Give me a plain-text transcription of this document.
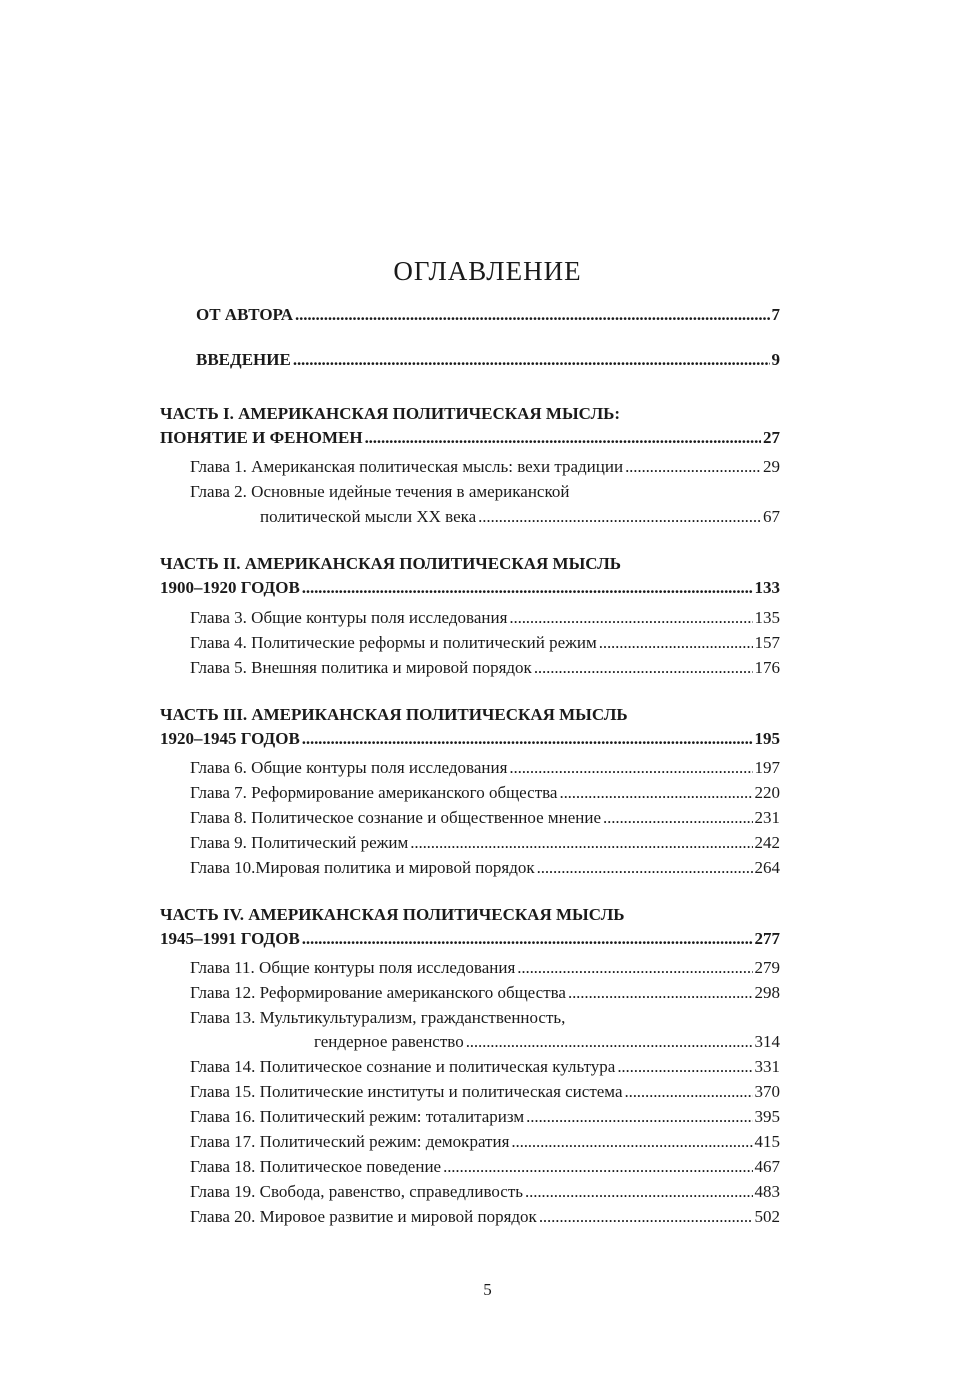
ОГЛАВЛЕНИЕ
ОТ АВТОРА . . .	7
ВВЕДЕНИЕ . . .	9
ЧАСТЬ I. АМЕРИКАНСКАЯ ПОЛИТИЧЕСКАЯ МЫСЛЬ:
ПОНЯТИЕ И ФЕНОМЕН . . .	27
Глава 1. Американская политическая мысль: вехи традиции . . .	29
Глава 2. Основные идейные течения в американской
политической мысли XX века . . .	67
ЧАСТЬ II. АМЕРИКАНСКАЯ ПОЛИТИЧЕСКАЯ МЫСЛЬ
1900–1920 ГОДОВ . . .	133
Глава 3. Общие контуры поля исследования . . .	135
Глава 4. Политические реформы и политический режим . . .	157
Глава 5. Внешняя политика и мировой порядок . . .	176
ЧАСТЬ III. АМЕРИКАНСКАЯ ПОЛИТИЧЕСКАЯ МЫСЛЬ
1920–1945 ГОДОВ . . .	195
Глава 6. Общие контуры поля исследования . . .	197
Глава 7. Реформирование американского общества . . .	220
Глава 8. Политическое сознание и общественное мнение . . .	231
Глава 9. Политический режим . . .	242
Глава 10.Мировая политика и мировой порядок . . .	264
ЧАСТЬ IV. АМЕРИКАНСКАЯ ПОЛИТИЧЕСКАЯ МЫСЛЬ
1945–1991 ГОДОВ . . .	277
Глава 11. Общие контуры поля исследования . . .	279
Глава 12. Реформирование американского общества . . .	298
Глава 13. Мультикультурализм, гражданственность,
гендерное равенство . . .	314
Глава 14. Политическое сознание и политическая культура . . .	331
Глава 15. Политические институты и политическая система . . .	370
Глава 16. Политический режим: тоталитаризм . . .	395
Глава 17. Политический режим: демократия . . .	415
Глава 18. Политическое поведение . . .	467
Глава 19. Свобода, равенство, справедливость . . .	483
Глава 20. Мировое развитие и мировой порядок . . .	502
5
